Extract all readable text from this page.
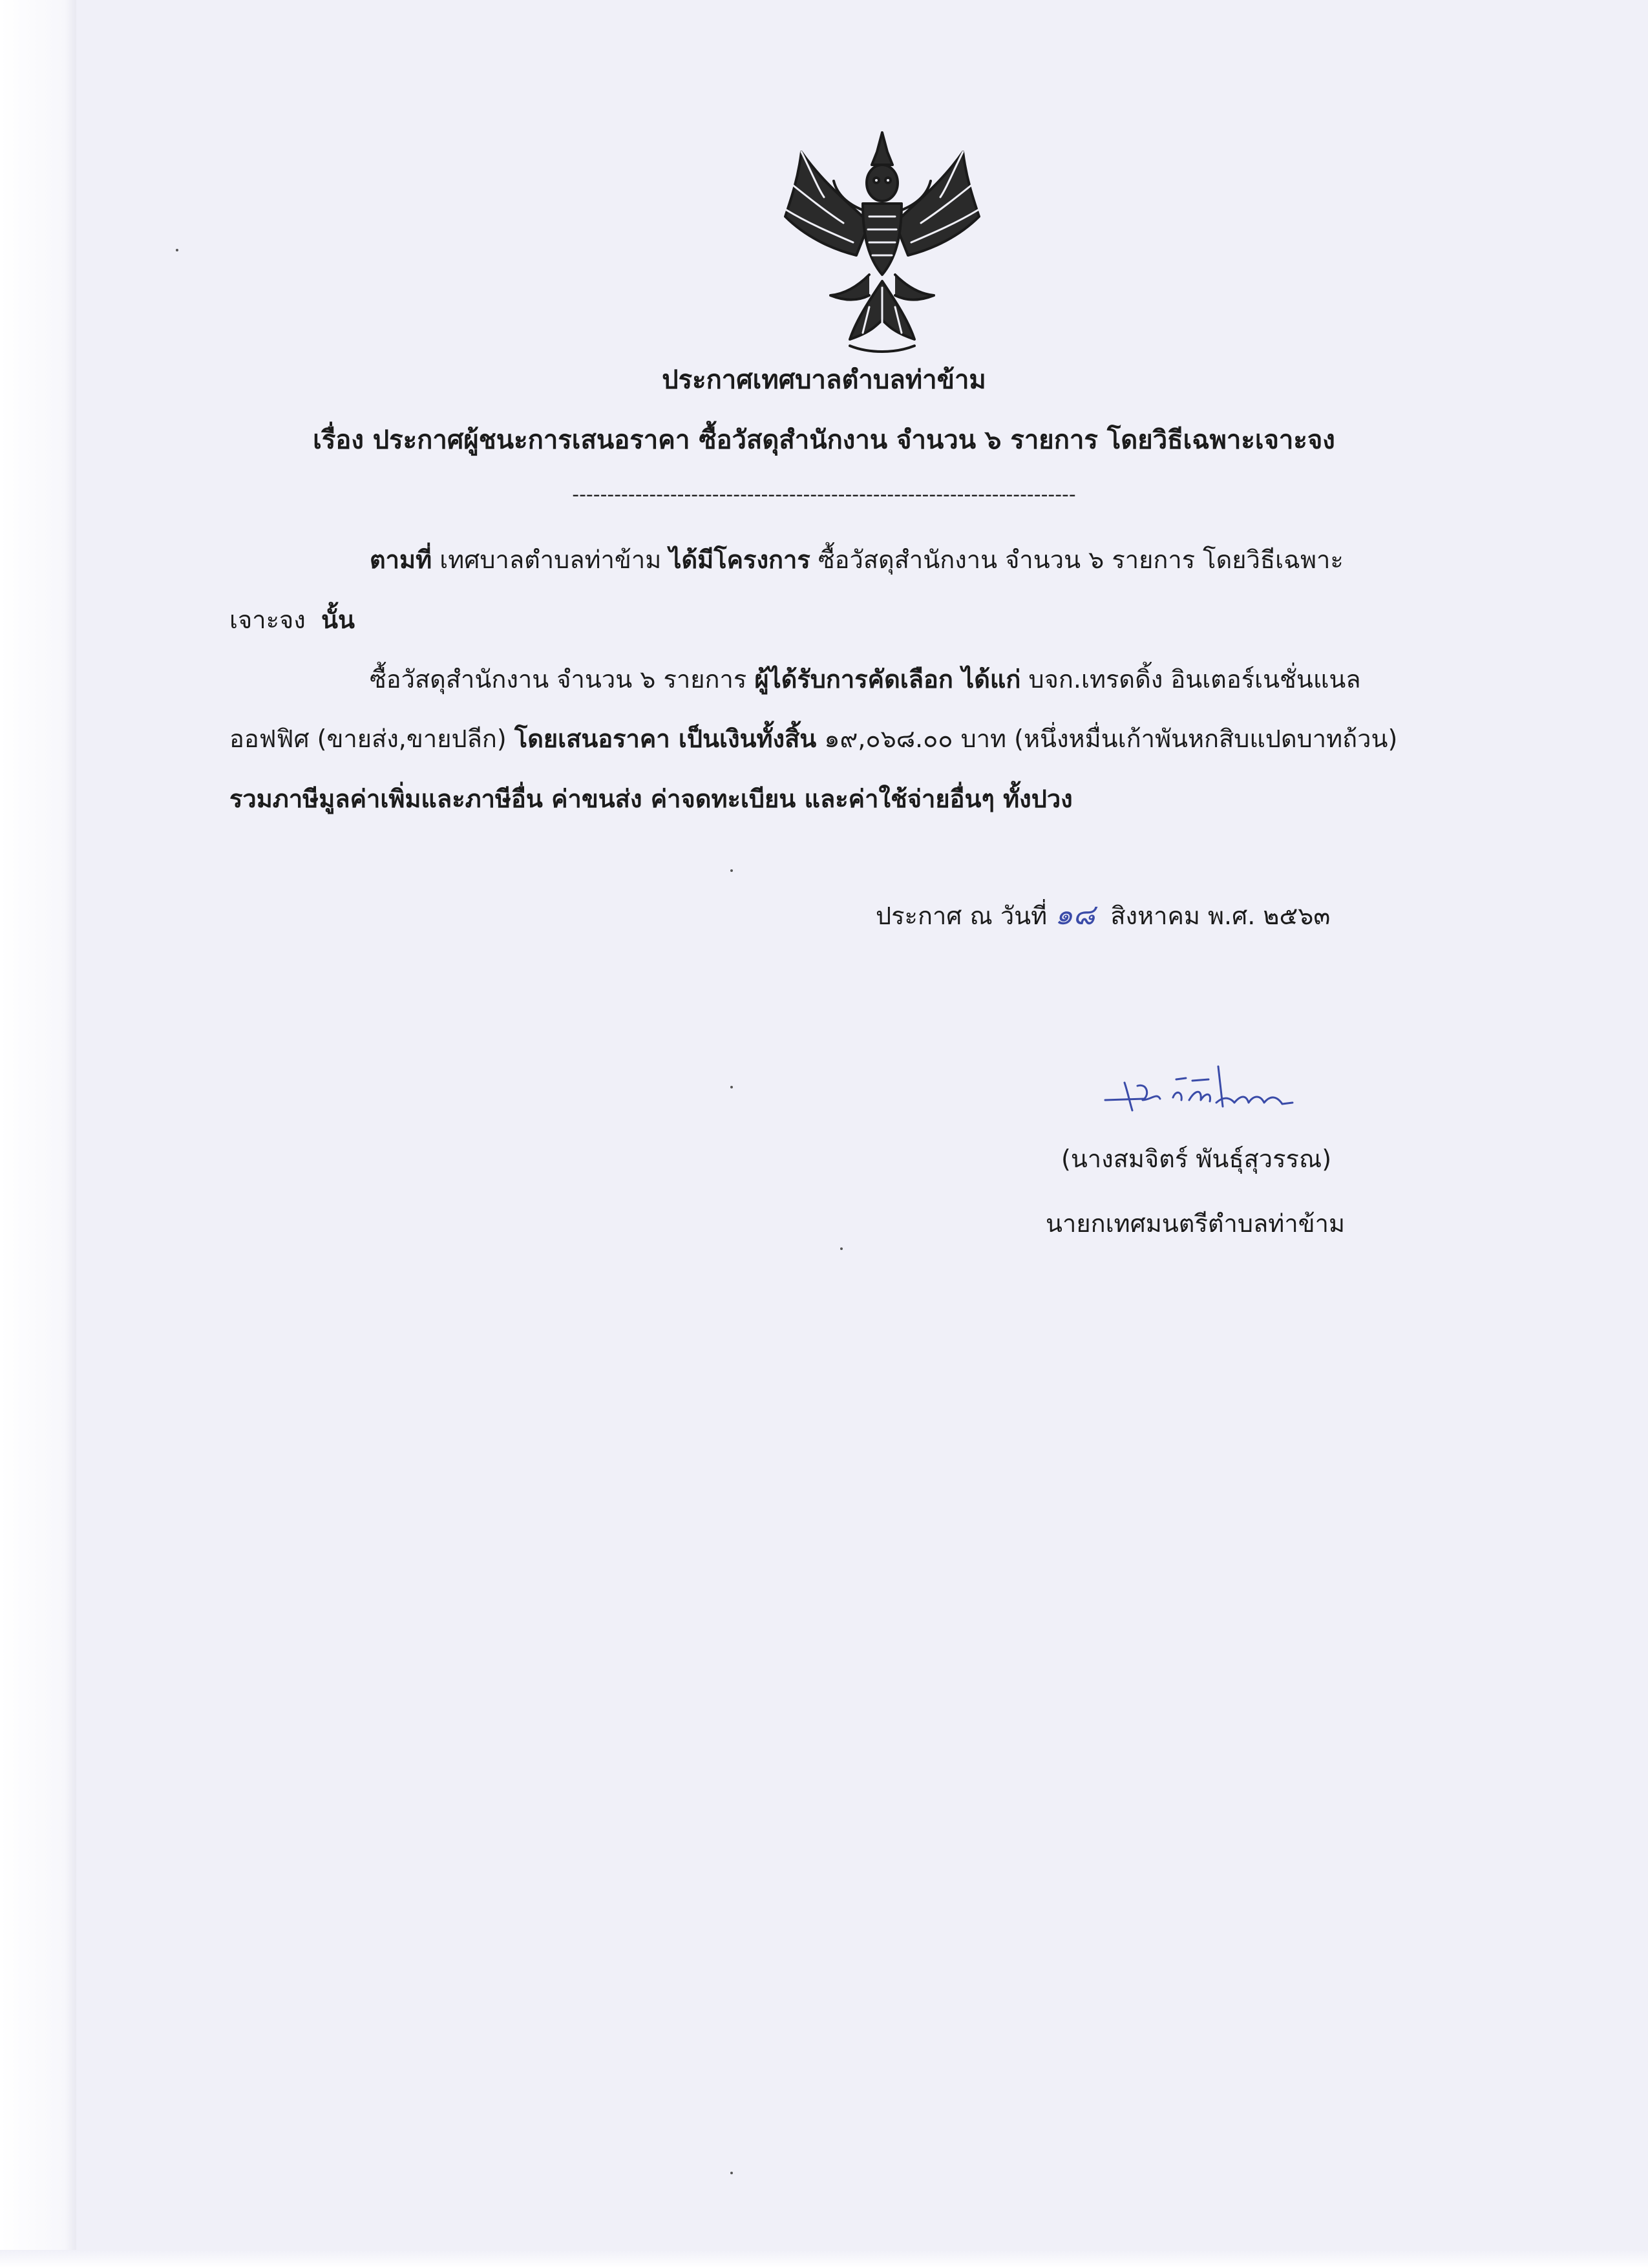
ประกาศเทศบาลตำบลท่าข้าม
เรื่อง ประกาศผู้ชนะการเสนอราคา ซื้อวัสดุสำนักงาน จำนวน ๖ รายการ โดยวิธีเฉพาะเจาะจง
------------------------------------------------------------------------
ตามที่ เทศบาลตำบลท่าข้าม ได้มีโครงการ ซื้อวัสดุสำนักงาน จำนวน ๖ รายการ โดยวิธีเฉพาะ
เจาะจง นั้น
ซื้อวัสดุสำนักงาน จำนวน ๖ รายการ ผู้ได้รับการคัดเลือก ได้แก่ บจก.เทรดดิ้ง อินเตอร์เนชั่นแนล
ออฟฟิศ (ขายส่ง,ขายปลีก) โดยเสนอราคา เป็นเงินทั้งสิ้น ๑๙,๐๖๘.๐๐ บาท (หนึ่งหมื่นเก้าพันหกสิบแปดบาทถ้วน)
รวมภาษีมูลค่าเพิ่มและภาษีอื่น ค่าขนส่ง ค่าจดทะเบียน และค่าใช้จ่ายอื่นๆ ทั้งปวง
ประกาศ ณ วันที่ ๑๘ สิงหาคม พ.ศ. ๒๕๖๓
(นางสมจิตร์ พันธุ์สุวรรณ)
นายกเทศมนตรีตำบลท่าข้าม
